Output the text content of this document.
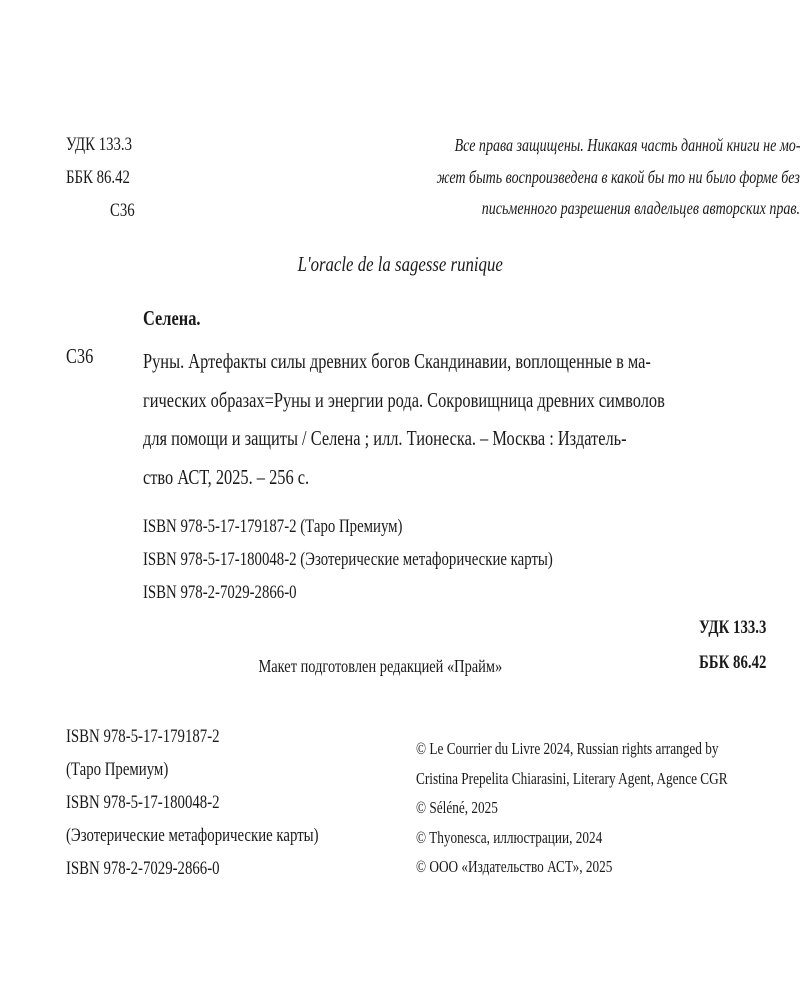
УДК 133.3
ББК 86.42
С36
Все права защищены. Никакая часть данной книги не мо-
жет быть воспроизведена в какой бы то ни было форме без
письменного разрешения владельцев авторских прав.
L'oracle de la sagesse runique
Селена.
С36	Руны. Артефакты силы древних богов Скандинавии, воплощенные в ма-
гических образах=Руны и энергии рода. Сокровищница древних символов
для помощи и защиты / Селена ; илл. Тионеска. – Москва : Издатель-
ство АСТ, 2025. – 256 с.
ISBN 978-5-17-179187-2 (Таро Премиум)
ISBN 978-5-17-180048-2 (Эзотерические метафорические карты)
ISBN 978-2-7029-2866-0
УДК 133.3
ББК 86.42
Макет подготовлен редакцией «Прайм»
ISBN 978-5-17-179187-2
(Таро Премиум)
ISBN 978-5-17-180048-2
(Эзотерические метафорические карты)
ISBN 978-2-7029-2866-0
© Le Courrier du Livre 2024, Russian rights arranged by
Cristina Prepelita Chiarasini, Literary Agent, Agence CGR
© Séléné, 2025
© Thyonesca, иллюстрации, 2024
© ООО «Издательство АСТ», 2025
